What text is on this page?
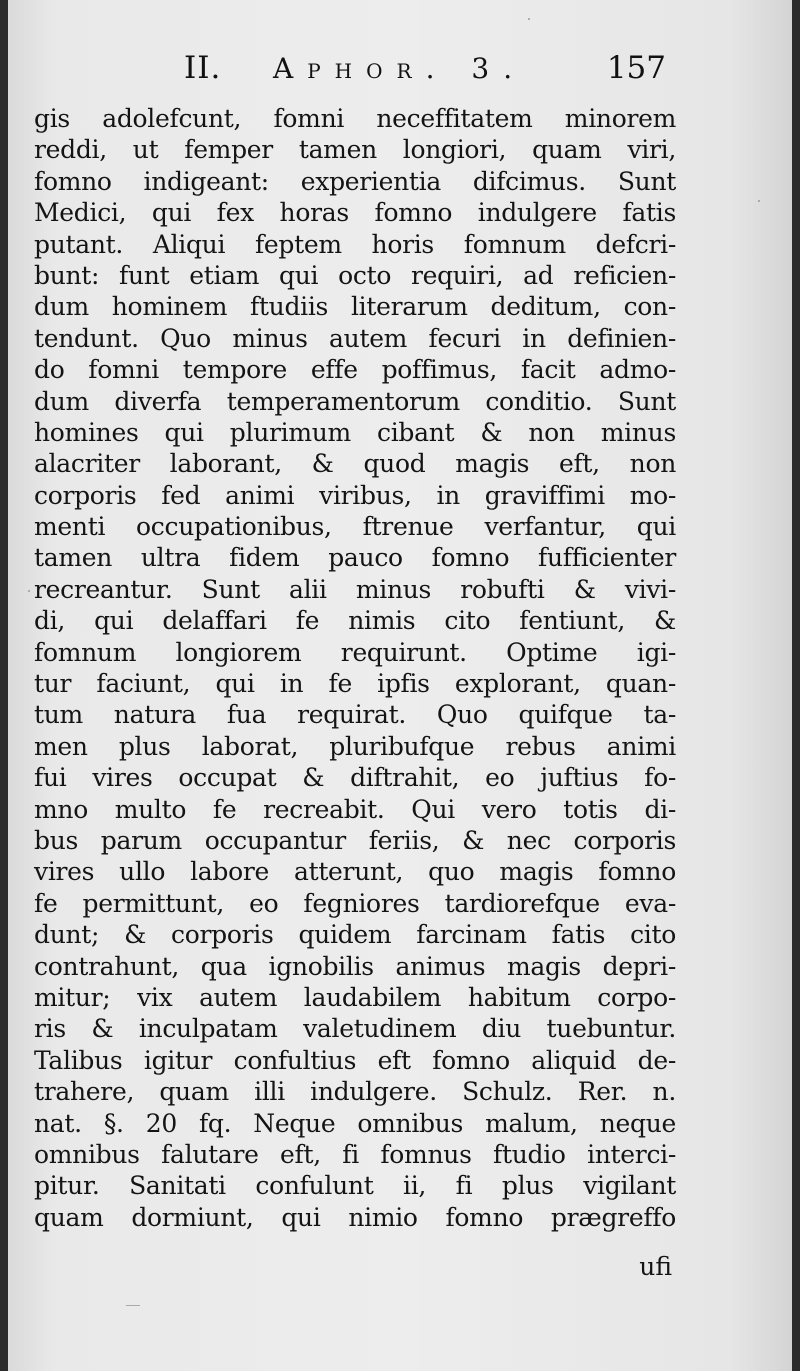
II. Aphor. 3.	157
gis adolefcunt, fomni neceffitatem minorem
reddi, ut femper tamen longiori, quam viri,
fomno indigeant: experientia difcimus. Sunt
Medici, qui fex horas fomno indulgere fatis
putant. Aliqui feptem horis fomnum defcri-
bunt: funt etiam qui octo requiri, ad reficien-
dum hominem ftudiis literarum deditum, con-
tendunt. Quo minus autem fecuri in definien-
do fomni tempore effe poffimus, facit admo-
dum diverfa temperamentorum conditio. Sunt
homines qui plurimum cibant & non minus
alacriter laborant, & quod magis eft, non
corporis fed animi viribus, in graviffimi mo-
menti occupationibus, ftrenue verfantur, qui
tamen ultra fidem pauco fomno fufficienter
recreantur. Sunt alii minus robufti & vivi-
di, qui delaffari fe nimis cito fentiunt, &
fomnum longiorem requirunt. Optime igi-
tur faciunt, qui in fe ipfis explorant, quan-
tum natura fua requirat. Quo quifque ta-
men plus laborat, pluribufque rebus animi
fui vires occupat & diftrahit, eo juftius fo-
mno multo fe recreabit. Qui vero totis di-
bus parum occupantur feriis, & nec corporis
vires ullo labore atterunt, quo magis fomno
fe permittunt, eo fegniores tardiorefque eva-
dunt; & corporis quidem farcinam fatis cito
contrahunt, qua ignobilis animus magis depri-
mitur; vix autem laudabilem habitum corpo-
ris & inculpatam valetudinem diu tuebuntur.
Talibus igitur confultius eft fomno aliquid de-
trahere, quam illi indulgere. Schulz. Rer. n.
nat. §. 20 fq. Neque omnibus malum, neque
omnibus falutare eft, fi fomnus ftudio interci-
pitur. Sanitati confulunt ii, fi plus vigilant
quam dormiunt, qui nimio fomno prægreffo
ufi
